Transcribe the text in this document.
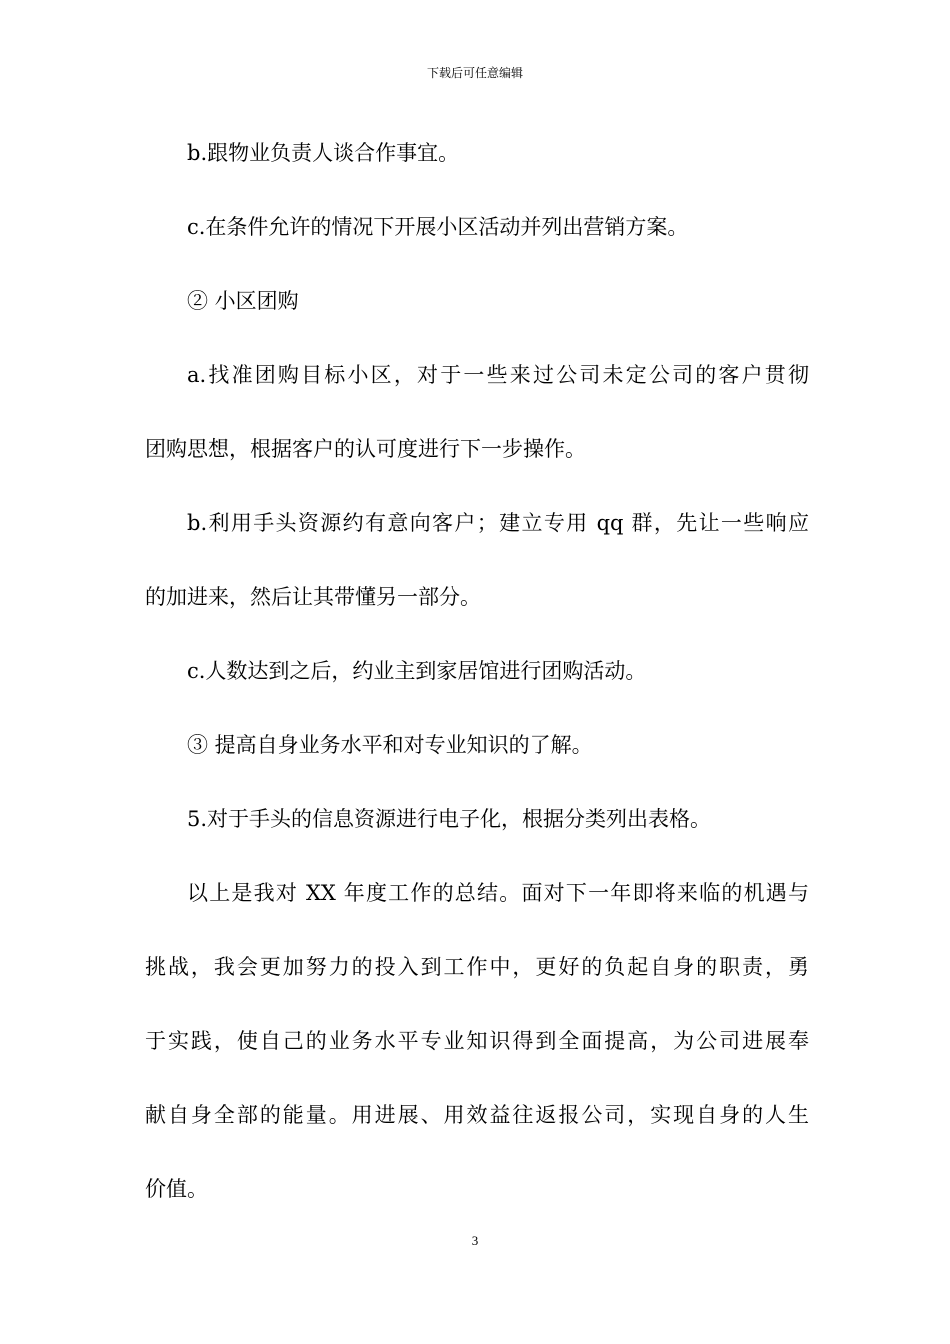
下载后可任意编辑
b.跟物业负责人谈合作事宜。
c.在条件允许的情况下开展小区活动并列出营销方案。
② 小区团购
a.找准团购目标小区，对于一些来过公司未定公司的客户贯彻
团购思想，根据客户的认可度进行下一步操作。
b.利用手头资源约有意向客户；建立专用 qq 群，先让一些响应
的加进来，然后让其带懂另一部分。
c.人数达到之后，约业主到家居馆进行团购活动。
③ 提高自身业务水平和对专业知识的了解。
5.对于手头的信息资源进行电子化，根据分类列出表格。
以上是我对 XX 年度工作的总结。面对下一年即将来临的机遇与
挑战，我会更加努力的投入到工作中，更好的负起自身的职责，勇
于实践，使自己的业务水平专业知识得到全面提高，为公司进展奉
献自身全部的能量。用进展、用效益往返报公司，实现自身的人生
价值。
3
